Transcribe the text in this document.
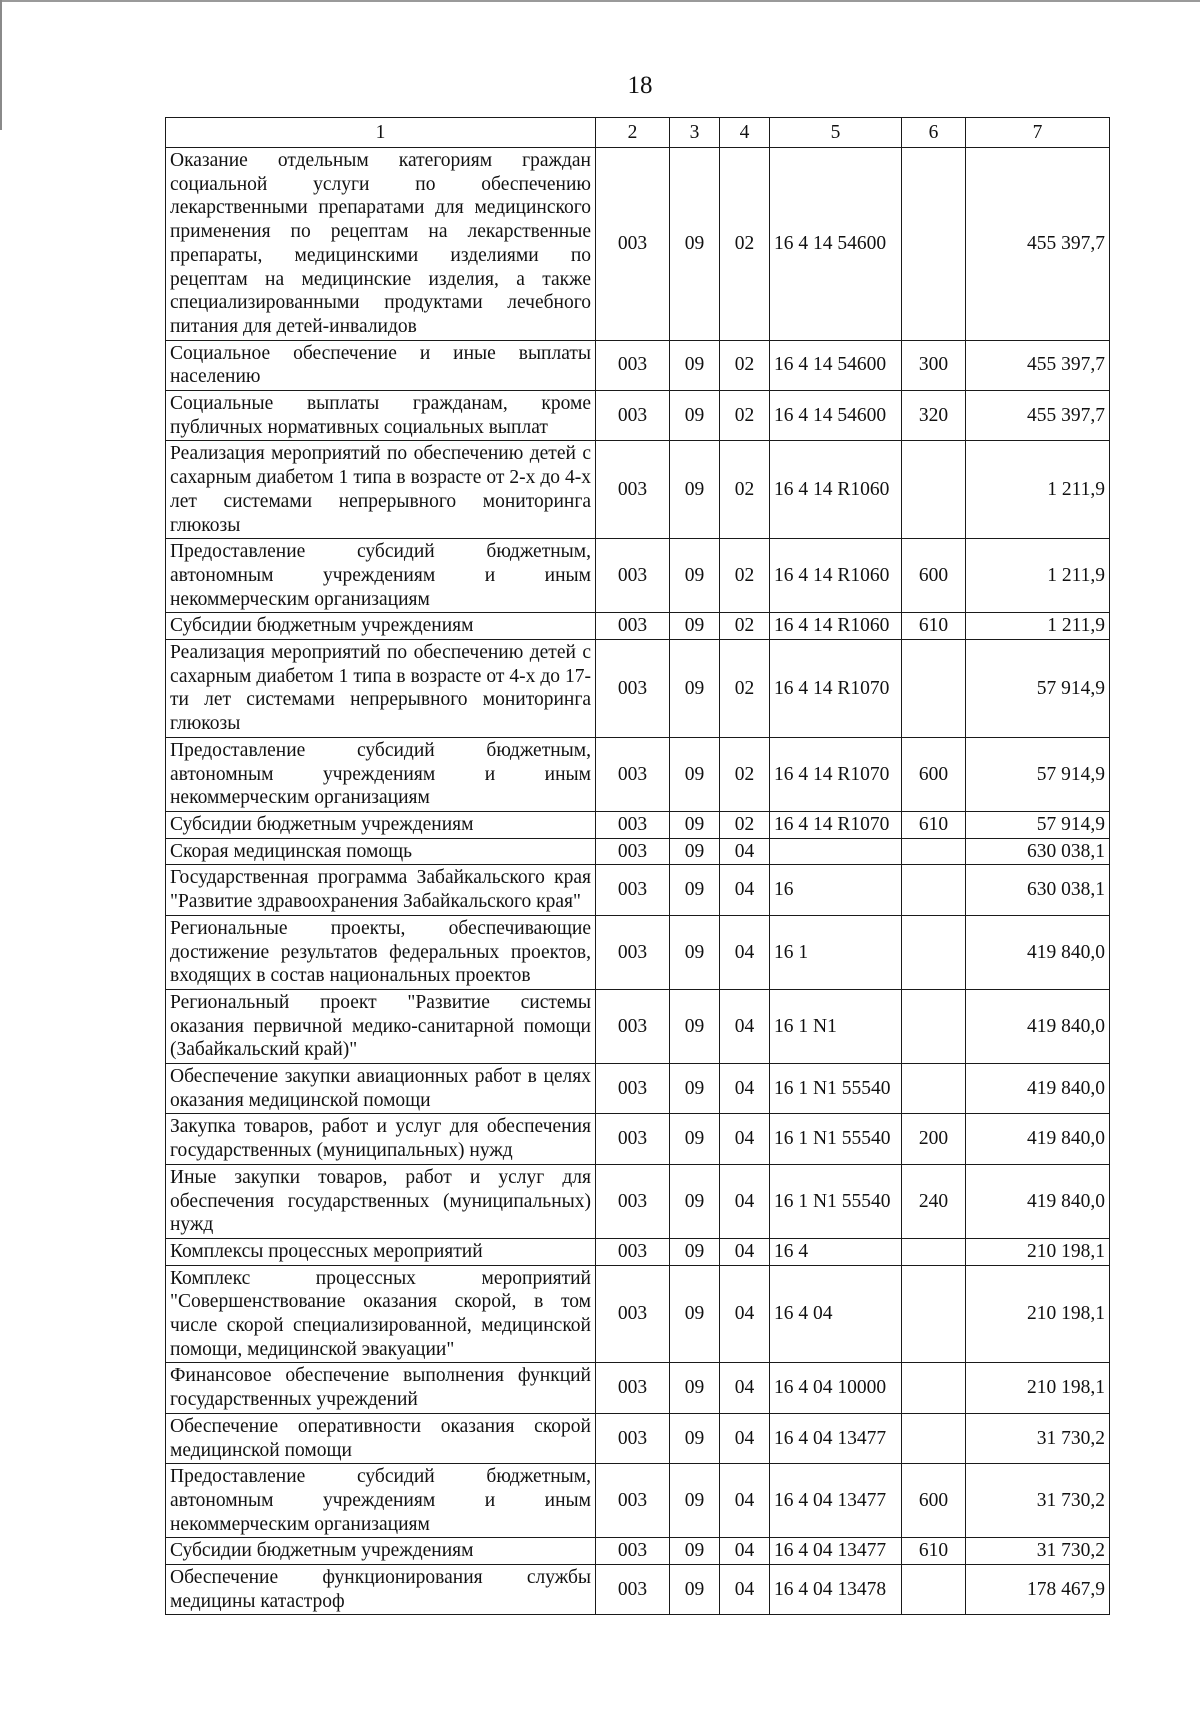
18
1	2	3	4	5	6	7
Оказание отдельным категориям граждан социальной услуги по обеспечению лекарственными препаратами для медицинского применения по рецептам на лекарственные препараты, медицинскими изделиями по рецептам на медицинские изделия, а также специализированными продуктами лечебного питания для детей-инвалидов	003	09	02	16 4 14 54600		455 397,7
Социальное обеспечение и иные выплаты населению	003	09	02	16 4 14 54600	300	455 397,7
Социальные выплаты гражданам, кроме публичных нормативных социальных выплат	003	09	02	16 4 14 54600	320	455 397,7
Реализация мероприятий по обеспечению детей с сахарным диабетом 1 типа в возрасте от 2-х до 4-х лет системами непрерывного мониторинга глюкозы	003	09	02	16 4 14 R1060		1 211,9
Предоставление субсидий бюджетным, автономным учреждениям и иным некоммерческим организациям	003	09	02	16 4 14 R1060	600	1 211,9
Субсидии бюджетным учреждениям	003	09	02	16 4 14 R1060	610	1 211,9
Реализация мероприятий по обеспечению детей с сахарным диабетом 1 типа в возрасте от 4-х до 17-ти лет системами непрерывного мониторинга глюкозы	003	09	02	16 4 14 R1070		57 914,9
Предоставление субсидий бюджетным, автономным учреждениям и иным некоммерческим организациям	003	09	02	16 4 14 R1070	600	57 914,9
Субсидии бюджетным учреждениям	003	09	02	16 4 14 R1070	610	57 914,9
Скорая медицинская помощь	003	09	04			630 038,1
Государственная программа Забайкальского края "Развитие здравоохранения Забайкальского края"	003	09	04	16		630 038,1
Региональные проекты, обеспечивающие достижение результатов федеральных проектов, входящих в состав национальных проектов	003	09	04	16 1		419 840,0
Региональный проект "Развитие системы оказания первичной медико-санитарной помощи (Забайкальский край)"	003	09	04	16 1 N1		419 840,0
Обеспечение закупки авиационных работ в целях оказания медицинской помощи	003	09	04	16 1 N1 55540		419 840,0
Закупка товаров, работ и услуг для обеспечения государственных (муниципальных) нужд	003	09	04	16 1 N1 55540	200	419 840,0
Иные закупки товаров, работ и услуг для обеспечения государственных (муниципальных) нужд	003	09	04	16 1 N1 55540	240	419 840,0
Комплексы процессных мероприятий	003	09	04	16 4		210 198,1
Комплекс процессных мероприятий "Совершенствование оказания скорой, в том числе скорой специализированной, медицинской помощи, медицинской эвакуации"	003	09	04	16 4 04		210 198,1
Финансовое обеспечение выполнения функций государственных учреждений	003	09	04	16 4 04 10000		210 198,1
Обеспечение оперативности оказания скорой медицинской помощи	003	09	04	16 4 04 13477		31 730,2
Предоставление субсидий бюджетным, автономным учреждениям и иным некоммерческим организациям	003	09	04	16 4 04 13477	600	31 730,2
Субсидии бюджетным учреждениям	003	09	04	16 4 04 13477	610	31 730,2
Обеспечение функционирования службы медицины катастроф	003	09	04	16 4 04 13478		178 467,9
